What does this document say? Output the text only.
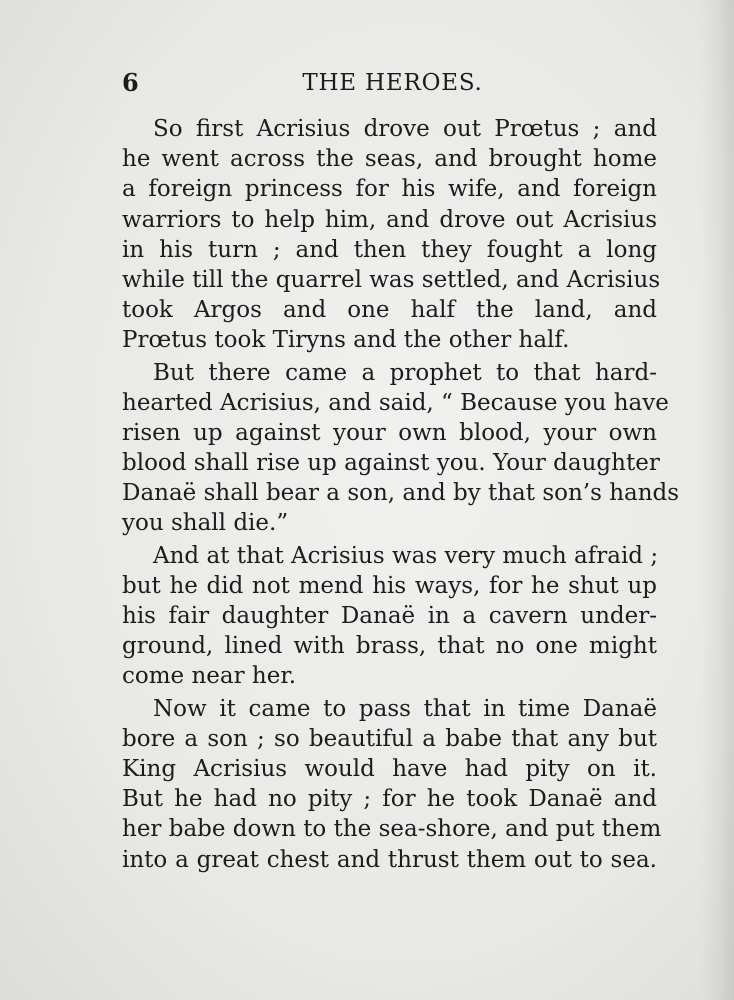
6	THE HEROES.
So first Acrisius drove out Prœtus ; and
he went across the seas, and brought home
a foreign princess for his wife, and foreign
warriors to help him, and drove out Acrisius
in his turn ; and then they fought a long
while till the quarrel was settled, and Acrisius
took Argos and one half the land, and
Prœtus took Tiryns and the other half.
But there came a prophet to that hard-
hearted Acrisius, and said, “ Because you have
risen up against your own blood, your own
blood shall rise up against you. Your daughter
Danaë shall bear a son, and by that son’s hands
you shall die.”
And at that Acrisius was very much afraid ;
but he did not mend his ways, for he shut up
his fair daughter Danaë in a cavern under-
ground, lined with brass, that no one might
come near her.
Now it came to pass that in time Danaë
bore a son ; so beautiful a babe that any but
King Acrisius would have had pity on it.
But he had no pity ; for he took Danaë and
her babe down to the sea-shore, and put them
into a great chest and thrust them out to sea.
